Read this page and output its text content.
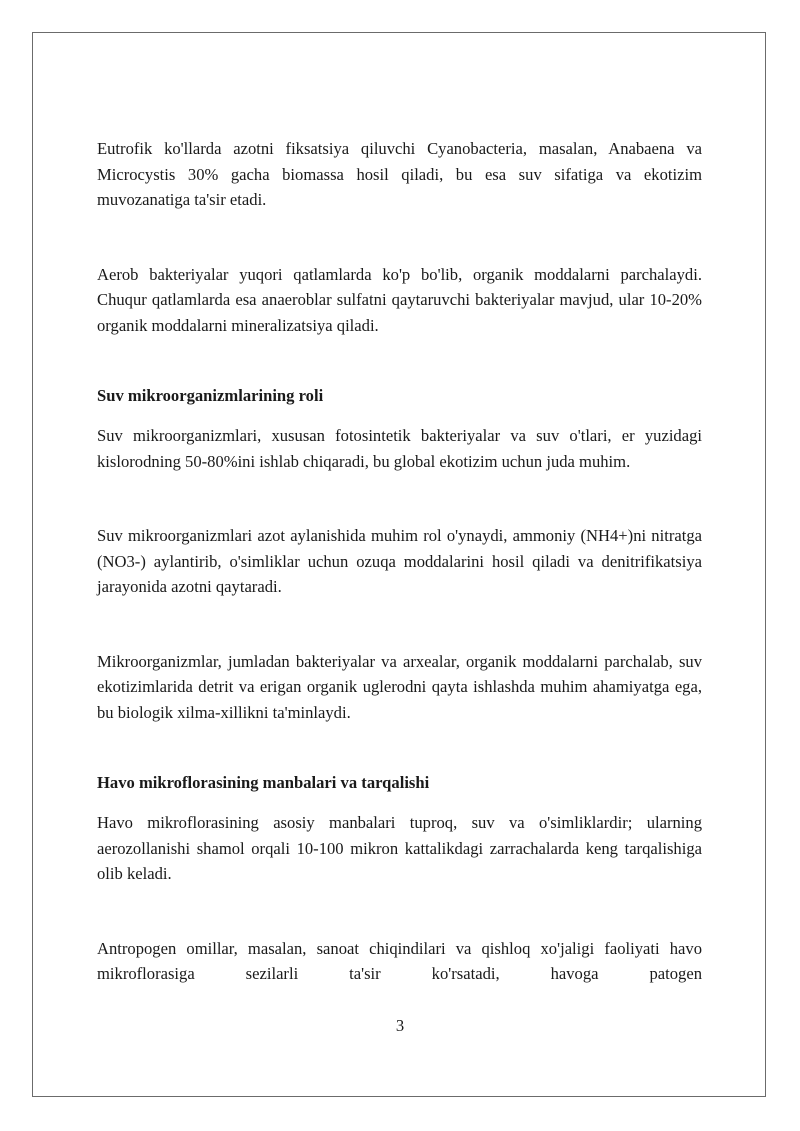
Eutrofik ko'llarda azotni fiksatsiya qiluvchi Cyanobacteria, masalan, Anabaena va Microcystis 30% gacha biomassa hosil qiladi, bu esa suv sifatiga va ekotizim muvozanatiga ta'sir etadi.

Aerob bakteriyalar yuqori qatlamlarda ko'p bo'lib, organik moddalarni parchalaydi. Chuqur qatlamlarda esa anaeroblar sulfatni qaytaruvchi bakteriyalar mavjud, ular 10-20% organik moddalarni mineralizatsiya qiladi.

Suv mikroorganizmlarining roli

Suv mikroorganizmlari, xususan fotosintetik bakteriyalar va suv o'tlari, er yuzidagi kislorodning 50-80%ini ishlab chiqaradi, bu global ekotizim uchun juda muhim.

Suv mikroorganizmlari azot aylanishida muhim rol o'ynaydi, ammoniy (NH4+)ni nitratga (NO3-) aylantirib, o'simliklar uchun ozuqa moddalarini hosil qiladi va denitrifikatsiya jarayonida azotni qaytaradi.

Mikroorganizmlar, jumladan bakteriyalar va arxealar, organik moddalarni parchalab, suv ekotizimlarida detrit va erigan organik uglerodni qayta ishlashda muhim ahamiyatga ega, bu biologik xilma-xillikni ta'minlaydi.

Havo mikroflorasining manbalari va tarqalishi

Havo mikroflorasining asosiy manbalari tuproq, suv va o'simliklardir; ularning aerozollanishi shamol orqali 10-100 mikron kattalikdagi zarrachalarda keng tarqalishiga olib keladi.

Antropogen omillar, masalan, sanoat chiqindilari va qishloq xo'jaligi faoliyati havo mikroflorasiga sezilarli ta'sir ko'rsatadi, havoga patogen

3
